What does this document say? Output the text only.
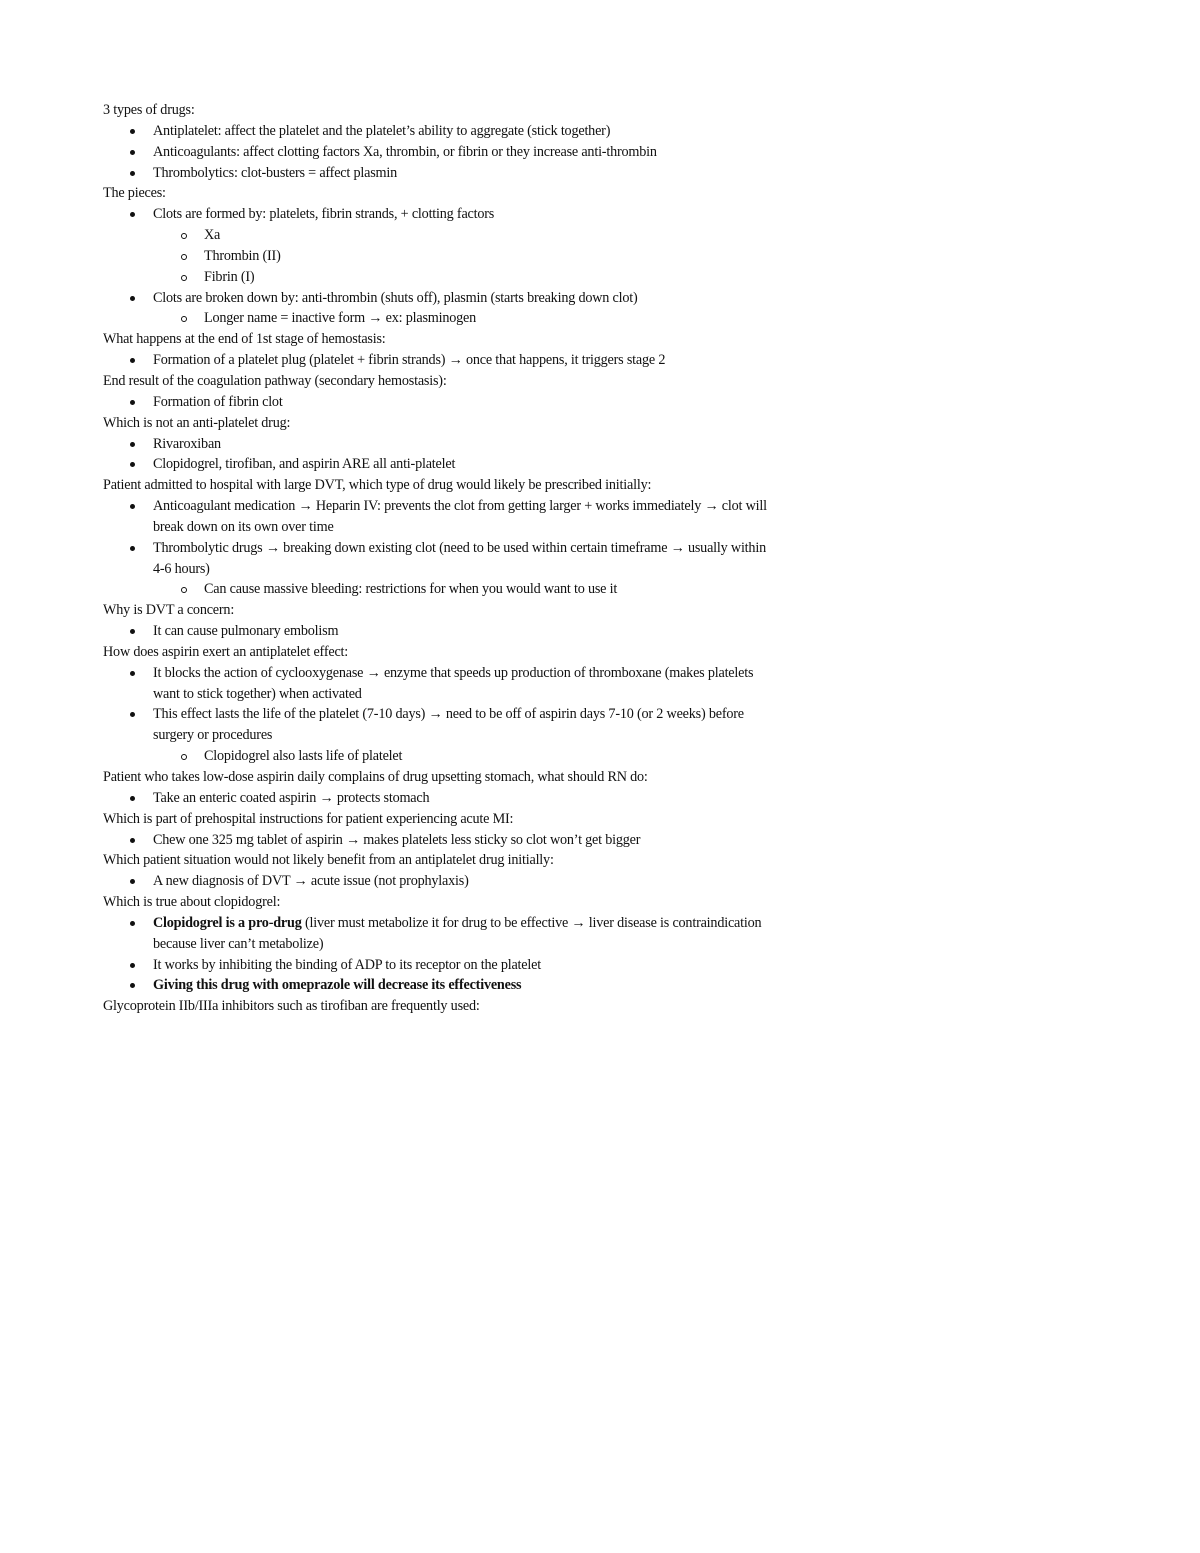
3 types of drugs:

Antiplatelet: affect the platelet and the platelet’s ability to aggregate (stick together)
Anticoagulants: affect clotting factors Xa, thrombin, or fibrin or they increase anti-thrombin
Thrombolytics: clot-busters = affect plasmin

The pieces:

Clots are formed by: platelets, fibrin strands, + clotting factors
Xa
Thrombin (II)
Fibrin (I)
Clots are broken down by: anti-thrombin (shuts off), plasmin (starts breaking down clot)
Longer name = inactive form → ex: plasminogen

What happens at the end of 1st stage of hemostasis:

Formation of a platelet plug (platelet + fibrin strands) → once that happens, it triggers stage 2

End result of the coagulation pathway (secondary hemostasis):

Formation of fibrin clot

Which is not an anti-platelet drug:

Rivaroxiban
Clopidogrel, tirofiban, and aspirin ARE all anti-platelet

Patient admitted to hospital with large DVT, which type of drug would likely be prescribed initially:

Anticoagulant medication → Heparin IV: prevents the clot from getting larger + works immediately → clot will break down on its own over time
Thrombolytic drugs → breaking down existing clot (need to be used within certain timeframe → usually within 4-6 hours)
Can cause massive bleeding: restrictions for when you would want to use it

Why is DVT a concern:

It can cause pulmonary embolism

How does aspirin exert an antiplatelet effect:

It blocks the action of cyclooxygenase → enzyme that speeds up production of thromboxane (makes platelets want to stick together) when activated
This effect lasts the life of the platelet (7-10 days) → need to be off of aspirin days 7-10 (or 2 weeks) before surgery or procedures
Clopidogrel also lasts life of platelet

Patient who takes low-dose aspirin daily complains of drug upsetting stomach, what should RN do:

Take an enteric coated aspirin → protects stomach

Which is part of prehospital instructions for patient experiencing acute MI:

Chew one 325 mg tablet of aspirin → makes platelets less sticky so clot won’t get bigger

Which patient situation would not likely benefit from an antiplatelet drug initially:

A new diagnosis of DVT → acute issue (not prophylaxis)

Which is true about clopidogrel:

Clopidogrel is a pro-drug (liver must metabolize it for drug to be effective → liver disease is contraindication because liver can’t metabolize)
It works by inhibiting the binding of ADP to its receptor on the platelet
Giving this drug with omeprazole will decrease its effectiveness

Glycoprotein IIb/IIIa inhibitors such as tirofiban are frequently used:
